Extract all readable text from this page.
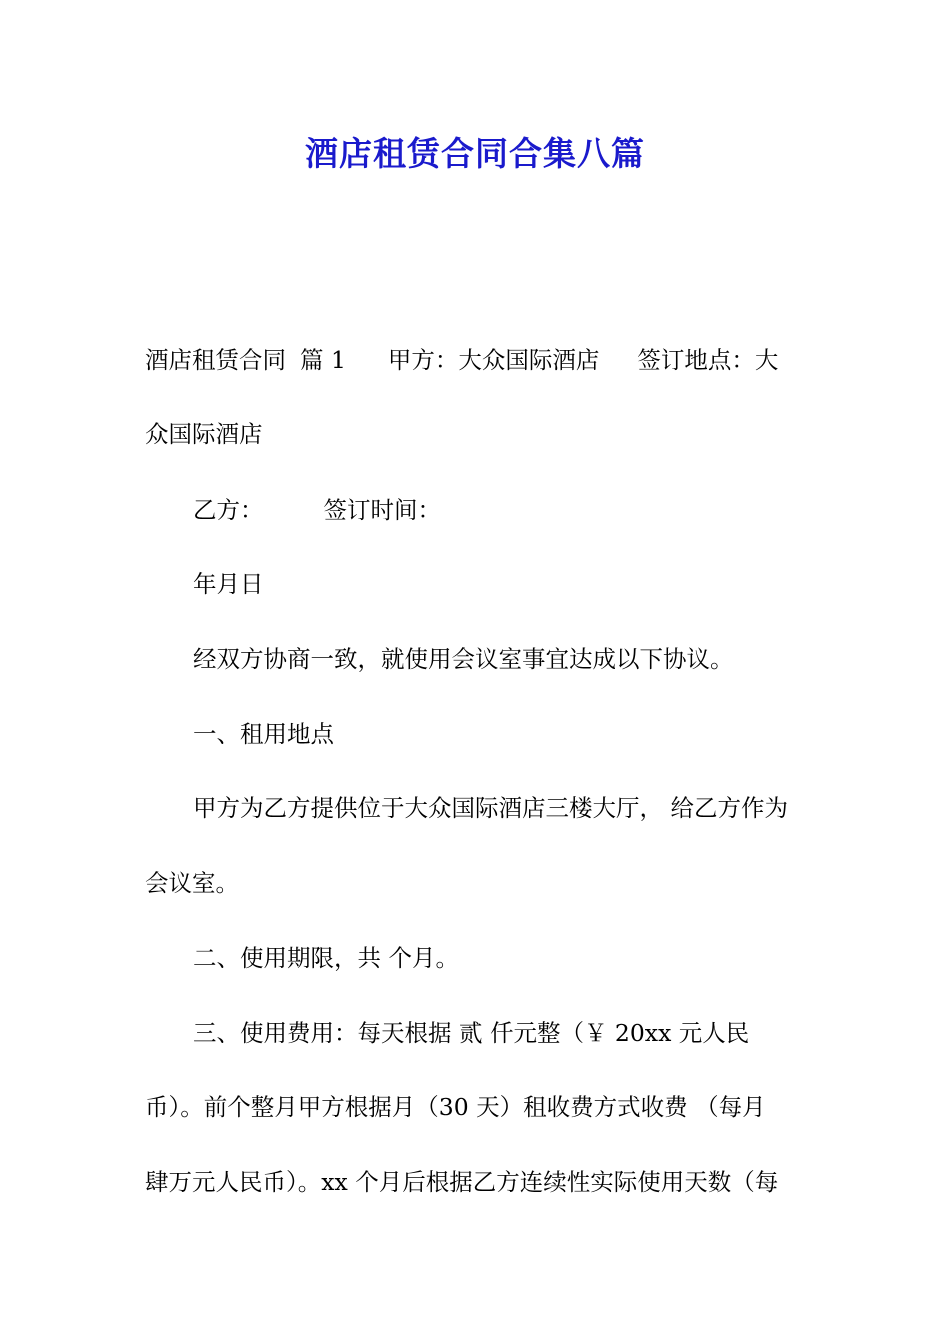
酒店租赁合同合集八篇
酒店租赁合同 篇 1 甲方：大众国际酒店 签订地点：大
众国际酒店
乙方：	签订时间：
年月日
经双方协商一致，就使用会议室事宜达成以下协议。
一、租用地点
甲方为乙方提供位于大众国际酒店三楼大厅， 给乙方作为
会议室。
二、使用期限，共 个月。
三、使用费用：每天根据 贰 仟元整（￥ 20xx 元人民
币）。前个整月甲方根据月（30 天）租收费方式收费 （每月
肆万元人民币）。xx 个月后根据乙方连续性实际使用天数（每
